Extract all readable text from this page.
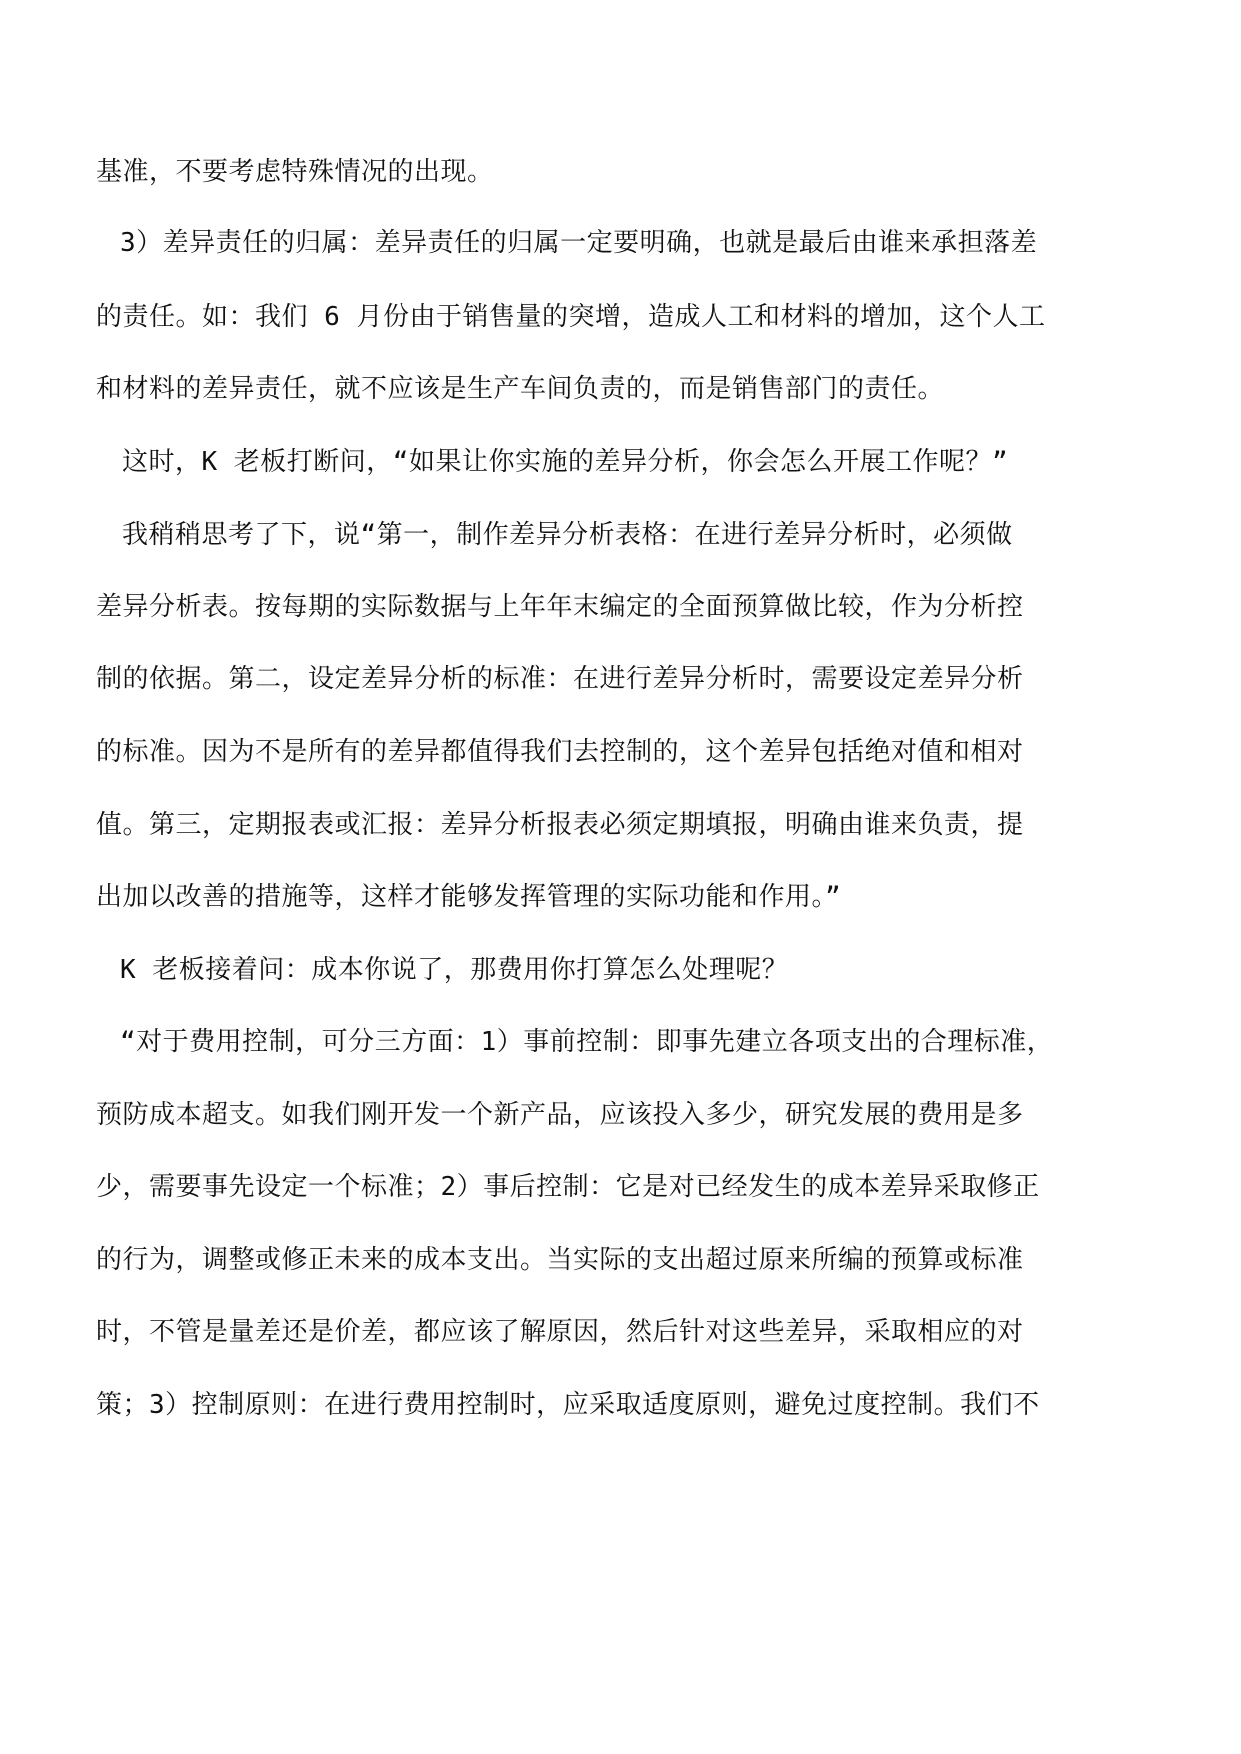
基准，不要考虑特殊情况的出现。
3）差异责任的归属：差异责任的归属一定要明确，也就是最后由谁来承担落差
的责任。如：我们 6 月份由于销售量的突增，造成人工和材料的增加，这个人工
和材料的差异责任，就不应该是生产车间负责的，而是销售部门的责任。
这时，K 老板打断问，“如果让你实施的差异分析，你会怎么开展工作呢？”
我稍稍思考了下，说“第一，制作差异分析表格：在进行差异分析时，必须做
差异分析表。按每期的实际数据与上年年末编定的全面预算做比较，作为分析控
制的依据。第二，设定差异分析的标准：在进行差异分析时，需要设定差异分析
的标准。因为不是所有的差异都值得我们去控制的，这个差异包括绝对值和相对
值。第三，定期报表或汇报：差异分析报表必须定期填报，明确由谁来负责，提
出加以改善的措施等，这样才能够发挥管理的实际功能和作用。”
K 老板接着问：成本你说了，那费用你打算怎么处理呢？
“对于费用控制，可分三方面：1）事前控制：即事先建立各项支出的合理标准，
预防成本超支。如我们刚开发一个新产品，应该投入多少，研究发展的费用是多
少，需要事先设定一个标准；2）事后控制：它是对已经发生的成本差异采取修正
的行为，调整或修正未来的成本支出。当实际的支出超过原来所编的预算或标准
时，不管是量差还是价差，都应该了解原因，然后针对这些差异，采取相应的对
策；3）控制原则：在进行费用控制时，应采取适度原则，避免过度控制。我们不
